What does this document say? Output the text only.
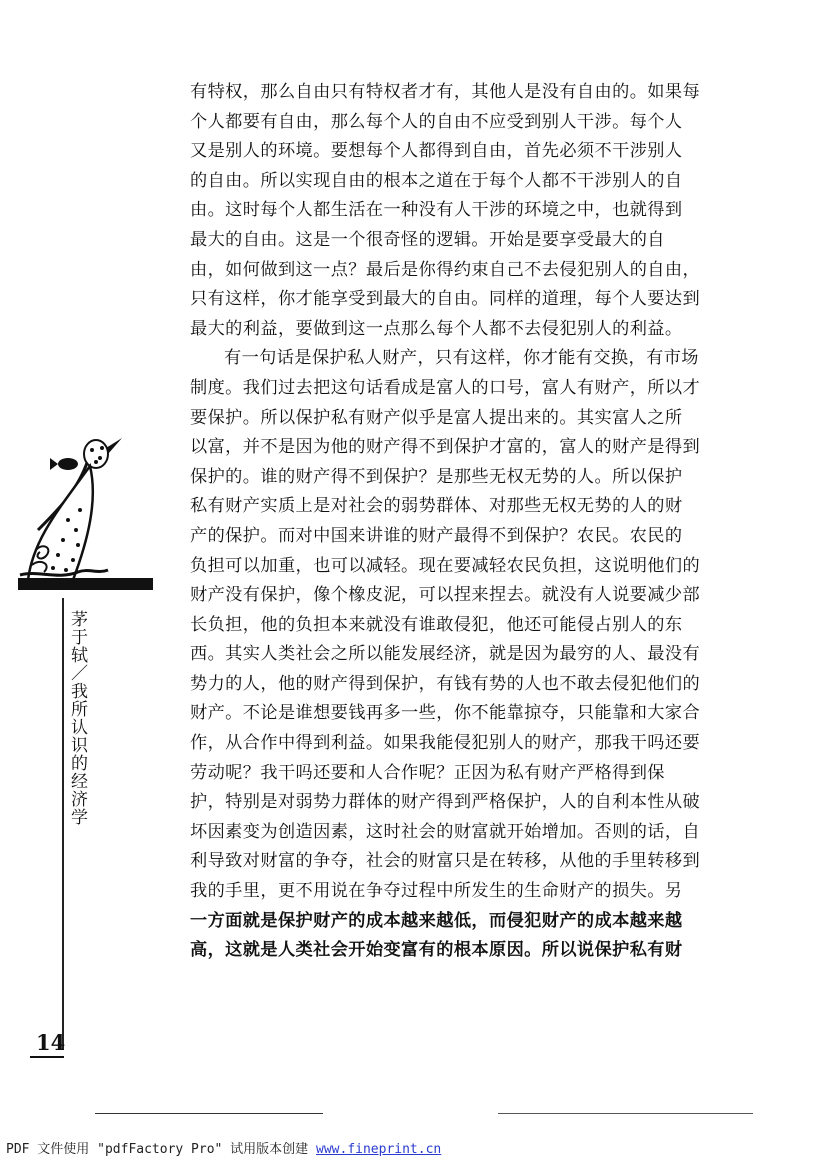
有特权，那么自由只有特权者才有，其他人是没有自由的。如果每
个人都要有自由，那么每个人的自由不应受到别人干涉。每个人
又是别人的环境。要想每个人都得到自由，首先必须不干涉别人
的自由。所以实现自由的根本之道在于每个人都不干涉别人的自
由。这时每个人都生活在一种没有人干涉的环境之中，也就得到
最大的自由。这是一个很奇怪的逻辑。开始是要享受最大的自
由，如何做到这一点？最后是你得约束自己不去侵犯别人的自由，
只有这样，你才能享受到最大的自由。同样的道理，每个人要达到
最大的利益，要做到这一点那么每个人都不去侵犯别人的利益。
有一句话是保护私人财产，只有这样，你才能有交换，有市场
制度。我们过去把这句话看成是富人的口号，富人有财产，所以才
要保护。所以保护私有财产似乎是富人提出来的。其实富人之所
以富，并不是因为他的财产得不到保护才富的，富人的财产是得到
保护的。谁的财产得不到保护？是那些无权无势的人。所以保护
私有财产实质上是对社会的弱势群体、对那些无权无势的人的财
产的保护。而对中国来讲谁的财产最得不到保护？农民。农民的
负担可以加重，也可以减轻。现在要减轻农民负担，这说明他们的
财产没有保护，像个橡皮泥，可以捏来捏去。就没有人说要减少部
长负担，他的负担本来就没有谁敢侵犯，他还可能侵占别人的东
西。其实人类社会之所以能发展经济，就是因为最穷的人、最没有
势力的人，他的财产得到保护，有钱有势的人也不敢去侵犯他们的
财产。不论是谁想要钱再多一些，你不能靠掠夺，只能靠和大家合
作，从合作中得到利益。如果我能侵犯别人的财产，那我干吗还要
劳动呢？我干吗还要和人合作呢？正因为私有财产严格得到保
护，特别是对弱势力群体的财产得到严格保护，人的自利本性从破
坏因素变为创造因素，这时社会的财富就开始增加。否则的话，自
利导致对财富的争夺，社会的财富只是在转移，从他的手里转移到
我的手里，更不用说在争夺过程中所发生的生命财产的损失。另
一方面就是保护财产的成本越来越低，而侵犯财产的成本越来越
高，这就是人类社会开始变富有的根本原因。所以说保护私有财
茅于轼／我所认识的经济学
14
PDF 文件使用 "pdfFactory Pro" 试用版本创建 www.fineprint.cn
